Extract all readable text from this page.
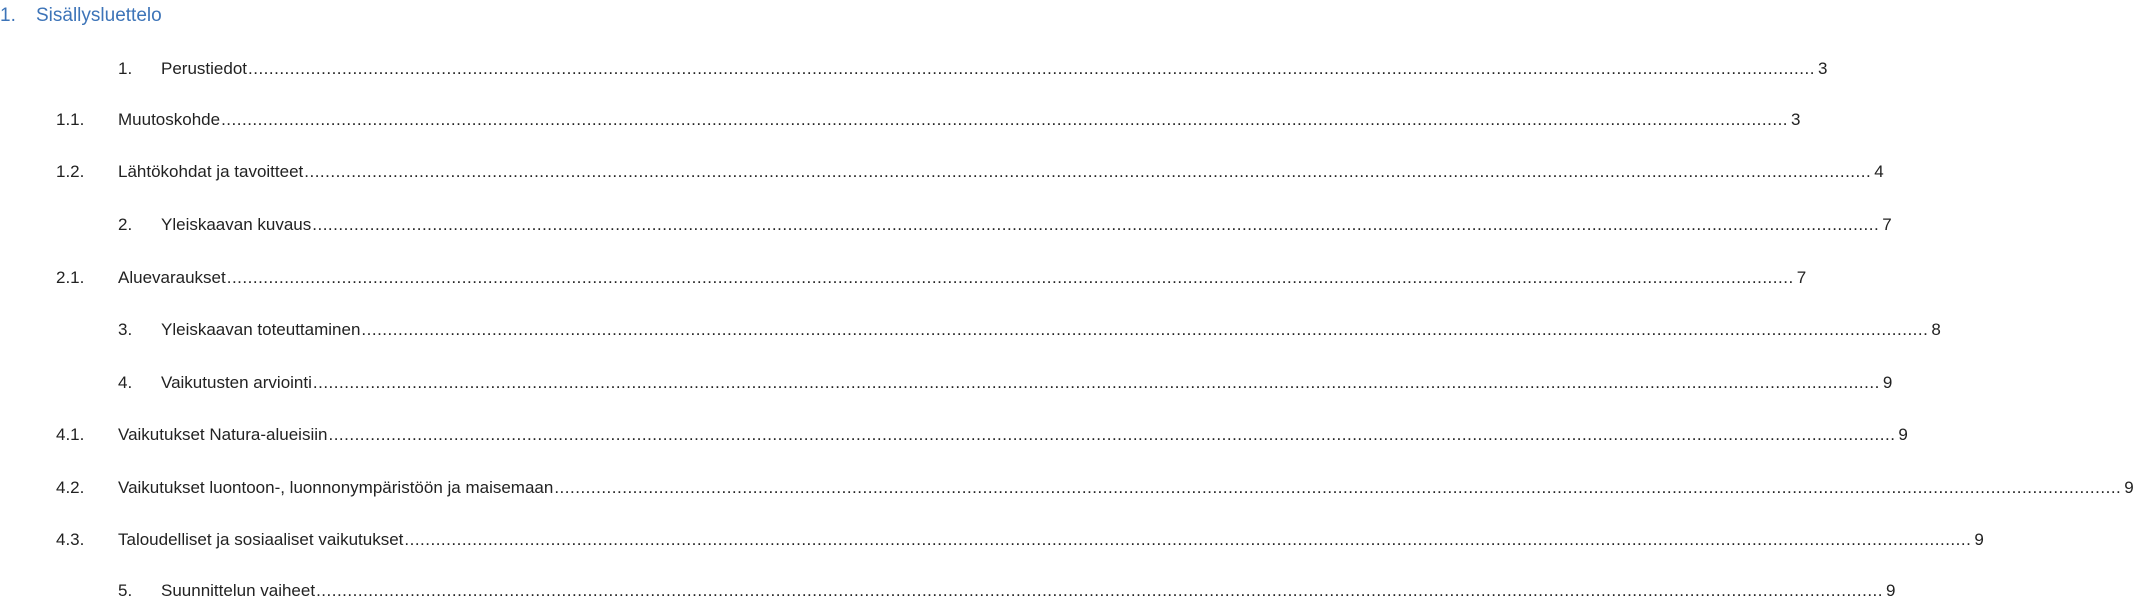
1. Sisällysluettelo
1. Perustiedot ............................................................................................................................................................................................................................................................................................................ 3
1.1. Muutoskohde ............................................................................................................................................................................................................................................................................................................ 3
1.2. Lähtökohdat ja tavoitteet ............................................................................................................................................................................................................................................................................................................ 4
2. Yleiskaavan kuvaus ............................................................................................................................................................................................................................................................................................................ 7
2.1. Aluevaraukset ............................................................................................................................................................................................................................................................................................................ 7
3. Yleiskaavan toteuttaminen ............................................................................................................................................................................................................................................................................................................ 8
4. Vaikutusten arviointi ............................................................................................................................................................................................................................................................................................................ 9
4.1. Vaikutukset Natura-alueisiin ............................................................................................................................................................................................................................................................................................................ 9
4.2. Vaikutukset luontoon-, luonnonympäristöön ja maisemaan ............................................................................................................................................................................................................................................................................................................ 9
4.3. Taloudelliset ja sosiaaliset vaikutukset ............................................................................................................................................................................................................................................................................................................ 9
5. Suunnittelun vaiheet ............................................................................................................................................................................................................................................................................................................ 9
